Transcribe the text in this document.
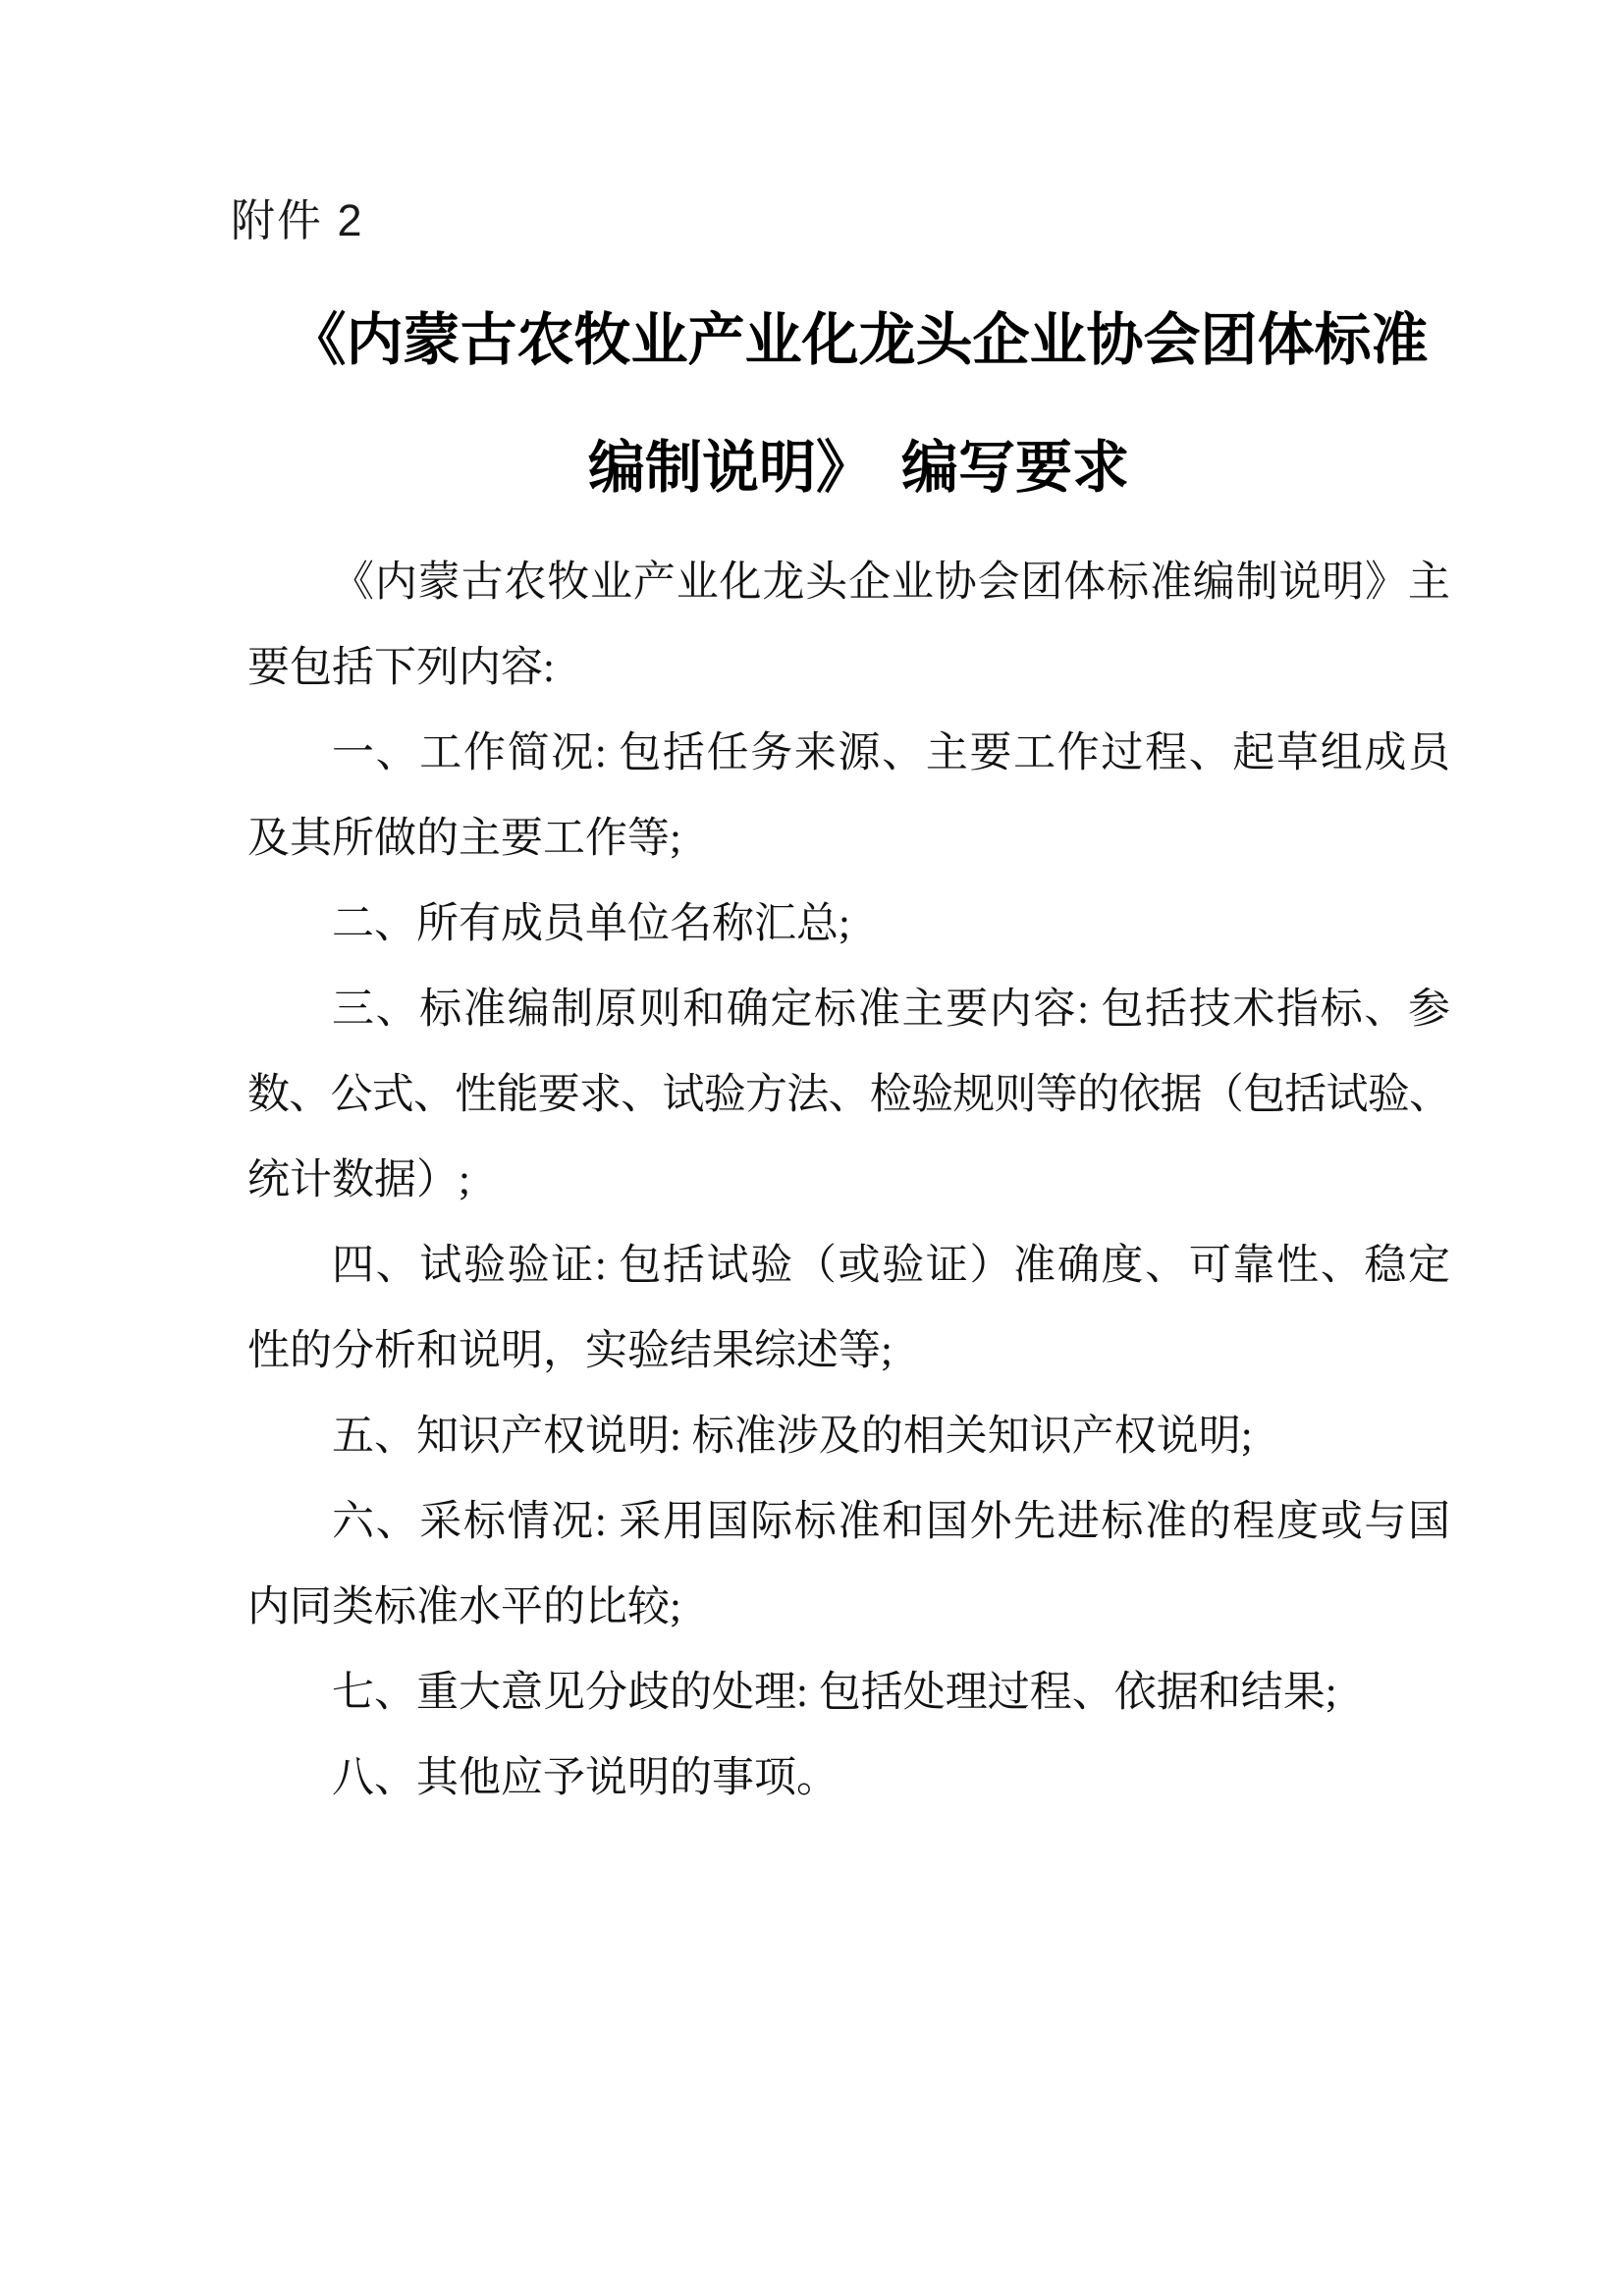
附件 2
《内蒙古农牧业产业化龙头企业协会团体标准
编制说明》　编写要求
《内蒙古农牧业产业化龙头企业协会团体标准编制说明》主
要包括下列内容:
一、工作简况: 包括任务来源、主要工作过程、起草组成员
及其所做的主要工作等;
二、所有成员单位名称汇总;
三、标准编制原则和确定标准主要内容: 包括技术指标、参
数、公式、性能要求、试验方法、检验规则等的依据（包括试验、
统计数据）;
四、试验验证: 包括试验（或验证）准确度、可靠性、稳定
性的分析和说明，实验结果综述等;
五、知识产权说明: 标准涉及的相关知识产权说明;
六、采标情况: 采用国际标准和国外先进标准的程度或与国
内同类标准水平的比较;
七、重大意见分歧的处理: 包括处理过程、依据和结果;
八、其他应予说明的事项。
